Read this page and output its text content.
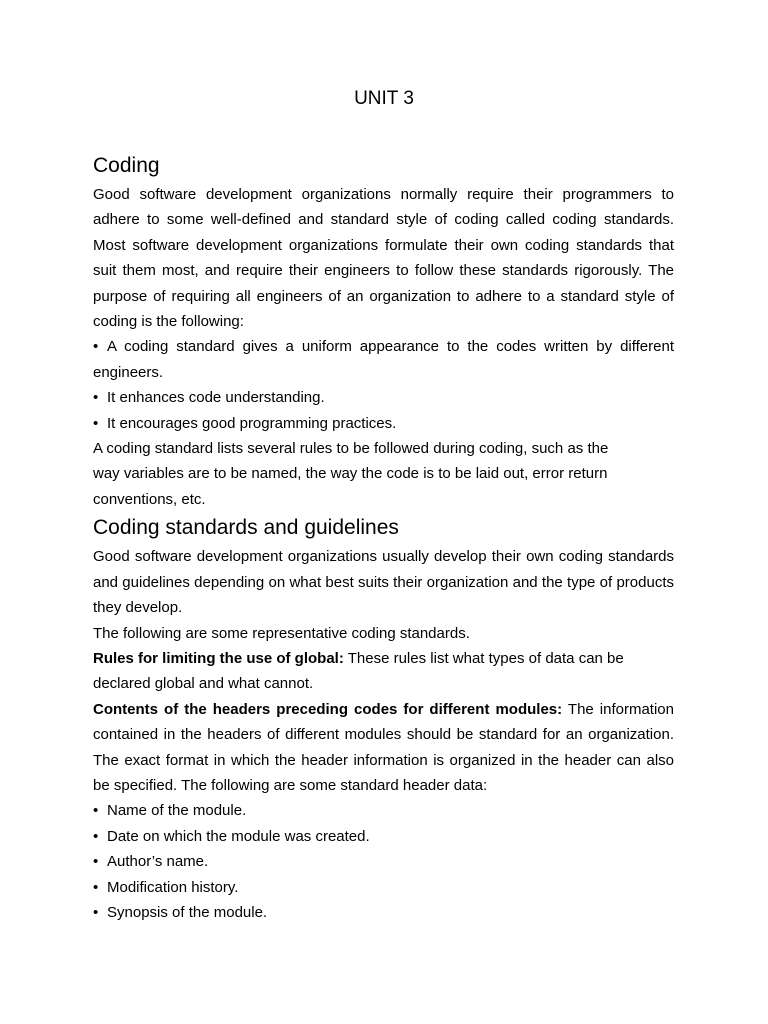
UNIT 3
Coding

Good software development organizations normally require their programmers to adhere to some well-defined and standard style of coding called coding standards. Most software development organizations formulate their own coding standards that suit them most, and require their engineers to follow these standards rigorously. The purpose of requiring all engineers of an organization to adhere to a standard style of coding is the following:

• A coding standard gives a uniform appearance to the codes written by different engineers.
• It enhances code understanding.
• It encourages good programming practices.

A coding standard lists several rules to be followed during coding, such as the way variables are to be named, the way the code is to be laid out, error return conventions, etc.

Coding standards and guidelines

Good software development organizations usually develop their own coding standards and guidelines depending on what best suits their organization and the type of products they develop.

The following are some representative coding standards.

Rules for limiting the use of global: These rules list what types of data can be declared global and what cannot.

Contents of the headers preceding codes for different modules: The information contained in the headers of different modules should be standard for an organization. The exact format in which the header information is organized in the header can also be specified. The following are some standard header data:

• Name of the module.
• Date on which the module was created.
• Author’s name.
• Modification history.
• Synopsis of the module.
